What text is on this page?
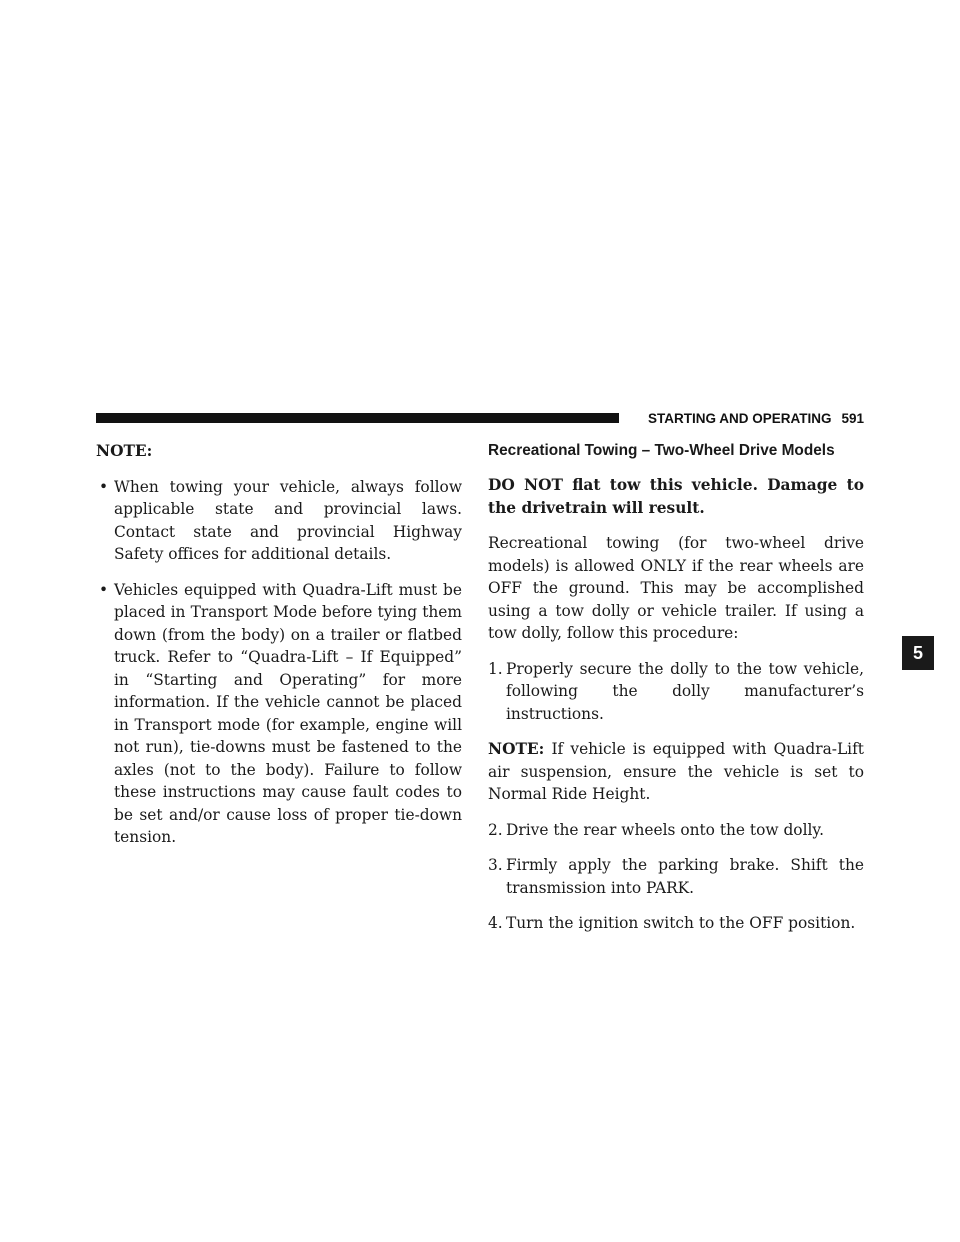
STARTING AND OPERATING 591
5
NOTE:
• When towing your vehicle, always follow applicable state and provincial laws. Contact state and provincial Highway Safety offices for additional details.
• Vehicles equipped with Quadra-Lift must be placed in Transport Mode before tying them down (from the body) on a trailer or flatbed truck. Refer to “Quadra-Lift – If Equipped” in “Starting and Operating” for more information. If the vehicle cannot be placed in Transport mode (for example, engine will not run), tie-downs must be fastened to the axles (not to the body). Failure to follow these instructions may cause fault codes to be set and/or cause loss of proper tie-down tension.
Recreational Towing – Two-Wheel Drive Models

DO NOT flat tow this vehicle. Damage to the drivetrain will result.

Recreational towing (for two-wheel drive models) is allowed ONLY if the rear wheels are OFF the ground. This may be accomplished using a tow dolly or vehicle trailer. If using a tow dolly, follow this procedure:

1. Properly secure the dolly to the tow vehicle, following the dolly manufacturer’s instructions.
NOTE: If vehicle is equipped with Quadra-Lift air suspension, ensure the vehicle is set to Normal Ride Height.
2. Drive the rear wheels onto the tow dolly.
3. Firmly apply the parking brake. Shift the transmission into PARK.
4. Turn the ignition switch to the OFF position.
